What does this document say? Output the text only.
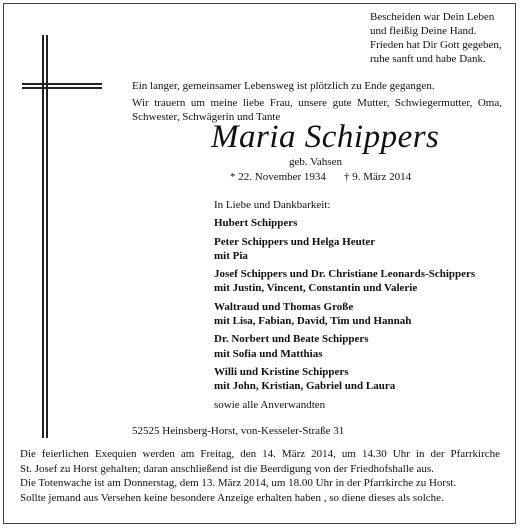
Bescheiden war Dein Leben
und fleißig Deine Hand.
Frieden hat Dir Gott gegeben,
ruhe sanft und habe Dank.
Ein langer, gemeinsamer Lebensweg ist plötzlich zu Ende gegangen.
Wir trauern um meine liebe Frau, unsere gute Mutter, Schwiegermutter, Oma,
Schwester, Schwägerin und Tante
Maria Schippers
geb. Vahsen
* 22. November 1934 † 9. März 2014
In Liebe und Dankbarkeit:
Hubert Schippers
Peter Schippers und Helga Heuter
mit Pia
Josef Schippers und Dr. Christiane Leonards-Schippers
mit Justin, Vincent, Constantin und Valerie
Waltraud und Thomas Große
mit Lisa, Fabian, David, Tim und Hannah
Dr. Norbert und Beate Schippers
mit Sofia und Matthias
Willi und Kristine Schippers
mit John, Kristian, Gabriel und Laura
sowie alle Anverwandten
52525 Heinsberg-Horst, von-Kesseler-Straße 31
Die feierlichen Exequien werden am Freitag, den 14. März 2014, um 14.30 Uhr in der Pfarrkirche
St. Josef zu Horst gehalten; daran anschließend ist die Beerdigung von der Friedhofshalle aus.
Die Totenwache ist am Donnerstag, dem 13. März 2014, um 18.00 Uhr in der Pfarrkirche zu Horst.
Sollte jemand aus Versehen keine besondere Anzeige erhalten haben , so diene dieses als solche.
